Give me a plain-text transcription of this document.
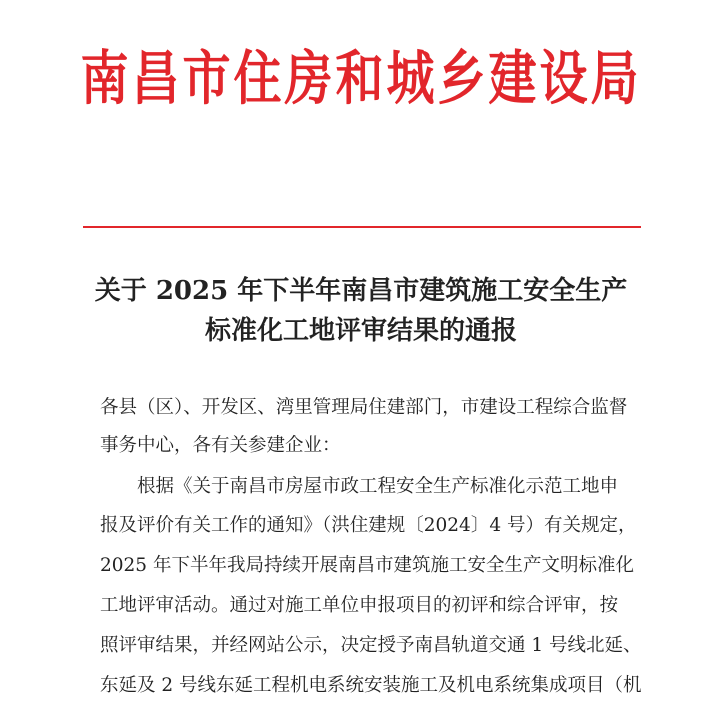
南昌市住房和城乡建设局
关于 2025 年下半年南昌市建筑施工安全生产
标准化工地评审结果的通报
各县（区）、开发区、湾里管理局住建部门，市建设工程综合监督
事务中心，各有关参建企业：
　　根据《关于南昌市房屋市政工程安全生产标准化示范工地申
报及评价有关工作的通知》（洪住建规〔2024〕4 号）有关规定，
2025 年下半年我局持续开展南昌市建筑施工安全生产文明标准化
工地评审活动。通过对施工单位申报项目的初评和综合评审，按
照评审结果，并经网站公示，决定授予南昌轨道交通 1 号线北延、
东延及 2 号线东延工程机电系统安装施工及机电系统集成项目（机
